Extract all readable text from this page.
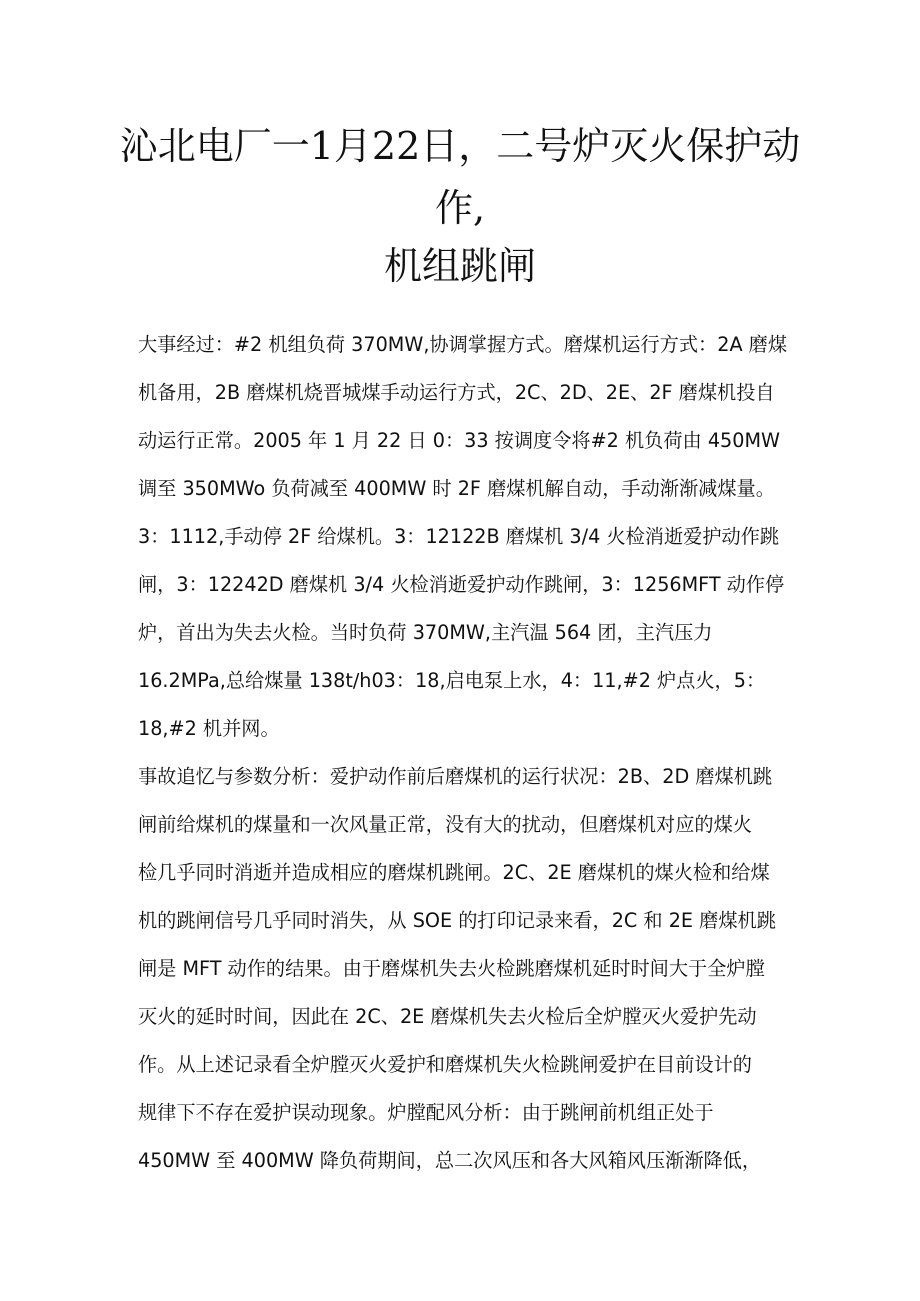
沁北电厂一1月22日，二号炉灭火保护动
作,
机组跳闸
大事经过：#2 机组负荷 370MW,协调掌握方式。磨煤机运行方式：2A 磨煤
机备用，2B 磨煤机烧晋城煤手动运行方式，2C、2D、2E、2F 磨煤机投自
动运行正常。2005 年 1 月 22 日 0：33 按调度令将#2 机负荷由 450MW
调至 350MWo 负荷减至 400MW 时 2F 磨煤机解自动，手动渐渐减煤量。
3：1112,手动停 2F 给煤机。3：12122B 磨煤机 3/4 火检消逝爱护动作跳
闸，3：12242D 磨煤机 3/4 火检消逝爱护动作跳闸，3：1256MFT 动作停
炉，首出为失去火检。当时负荷 370MW,主汽温 564 团，主汽压力
16.2MPa,总给煤量 138t∕h03：18,启电泵上水，4：11,#2 炉点火，5：
18,#2 机并网。
事故追忆与参数分析：爱护动作前后磨煤机的运行状况：2B、2D 磨煤机跳
闸前给煤机的煤量和一次风量正常，没有大的扰动，但磨煤机对应的煤火
检几乎同时消逝并造成相应的磨煤机跳闸。2C、2E 磨煤机的煤火检和给煤
机的跳闸信号几乎同时消失，从 SOE 的打印记录来看，2C 和 2E 磨煤机跳
闸是 MFT 动作的结果。由于磨煤机失去火检跳磨煤机延时时间大于全炉膛
灭火的延时时间，因此在 2C、2E 磨煤机失去火检后全炉膛灭火爱护先动
作。从上述记录看全炉膛灭火爱护和磨煤机失火检跳闸爱护在目前设计的
规律下不存在爱护误动现象。炉膛配风分析：由于跳闸前机组正处于
450MW 至 400MW 降负荷期间，总二次风压和各大风箱风压渐渐降低，
